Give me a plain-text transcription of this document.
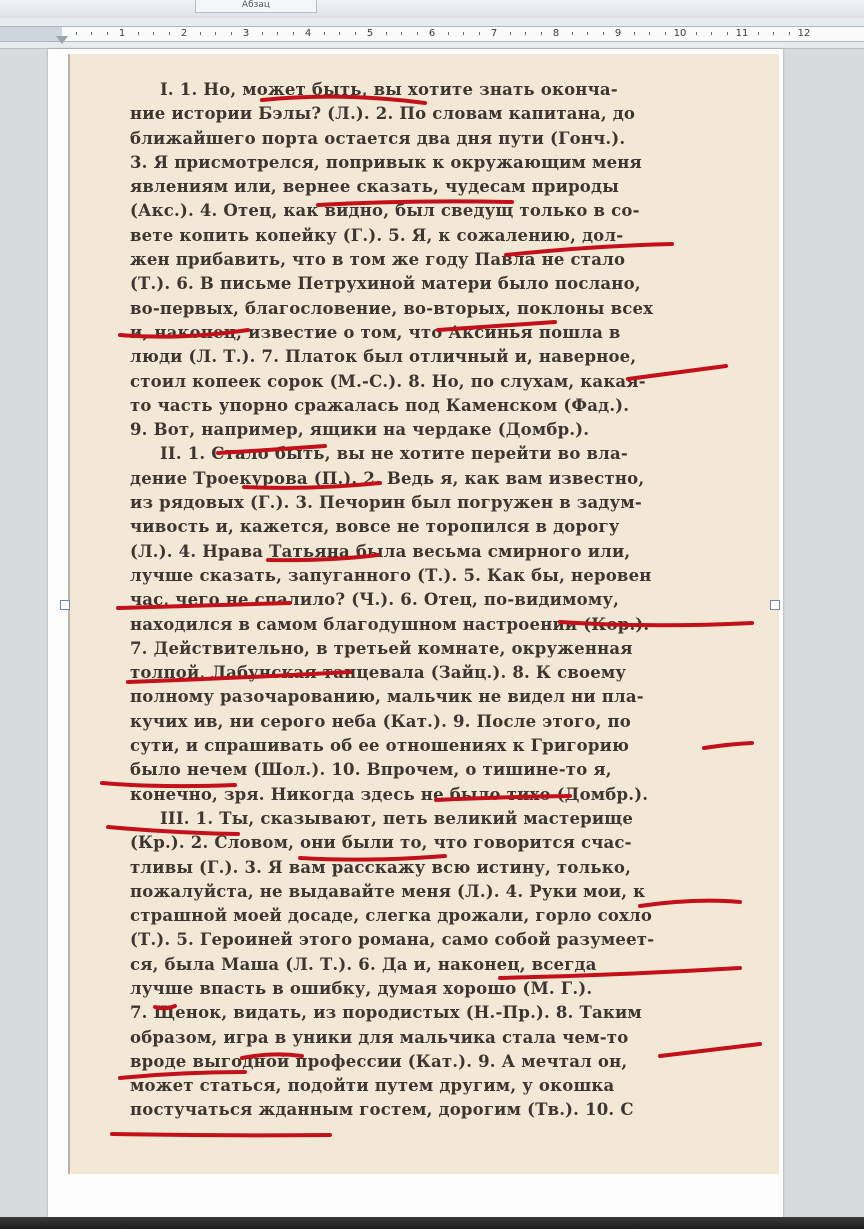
Абзац
1	2	3	4	5	6	7	8	9	10	11	12
I. 1. Но, может быть, вы хотите знать оконча-
ние истории Бэлы? (Л.). 2. По словам капитана, до
ближайшего порта остается два дня пути (Гонч.).
3. Я присмотрелся, попривык к окружающим меня
явлениям или, вернее сказать, чудесам природы
(Акс.). 4. Отец, как видно, был сведущ только в со-
вете копить копейку (Г.). 5. Я, к сожалению, дол-
жен прибавить, что в том же году Павла не стало
(Т.). 6. В письме Петрухиной матери было послано,
во-первых, благословение, во-вторых, поклоны всех
и, наконец, известие о том, что Аксинья пошла в
люди (Л. Т.). 7. Платок был отличный и, наверное,
стоил копеек сорок (М.-С.). 8. Но, по слухам, какая-
то часть упорно сражалась под Каменском (Фад.).
9. Вот, например, ящики на чердаке (Домбр.).
II. 1. Стало быть, вы не хотите перейти во вла-
дение Троекурова (П.). 2. Ведь я, как вам известно,
из рядовых (Г.). 3. Печорин был погружен в задум-
чивость и, кажется, вовсе не торопился в дорогу
(Л.). 4. Нрава Татьяна была весьма смирного или,
лучше сказать, запуганного (Т.). 5. Как бы, неровен
час, чего не спалило? (Ч.). 6. Отец, по-видимому,
находился в самом благодушном настроении (Кор.).
7. Действительно, в третьей комнате, окруженная
толпой, Лабунская танцевала (Зайц.). 8. К своему
полному разочарованию, мальчик не видел ни пла-
кучих ив, ни серого неба (Кат.). 9. После этого, по
сути, и спрашивать об ее отношениях к Григорию
было нечем (Шол.). 10. Впрочем, о тишине-то я,
конечно, зря. Никогда здесь не было тихо (Домбр.).
III. 1. Ты, сказывают, петь великий мастерище
(Кр.). 2. Словом, они были то, что говорится счас-
тливы (Г.). 3. Я вам расскажу всю истину, только,
пожалуйста, не выдавайте меня (Л.). 4. Руки мои, к
страшной моей досаде, слегка дрожали, горло сохло
(Т.). 5. Героиней этого романа, само собой разумеет-
ся, была Маша (Л. Т.). 6. Да и, наконец, всегда
лучше впасть в ошибку, думая хорошо (М. Г.).
7. Щенок, видать, из породистых (Н.-Пр.). 8. Таким
образом, игра в уники для мальчика стала чем-то
вроде выгодной профессии (Кат.). 9. А мечтал он,
может статься, подойти путем другим, у окошка
постучаться жданным гостем, дорогим (Тв.). 10. С
